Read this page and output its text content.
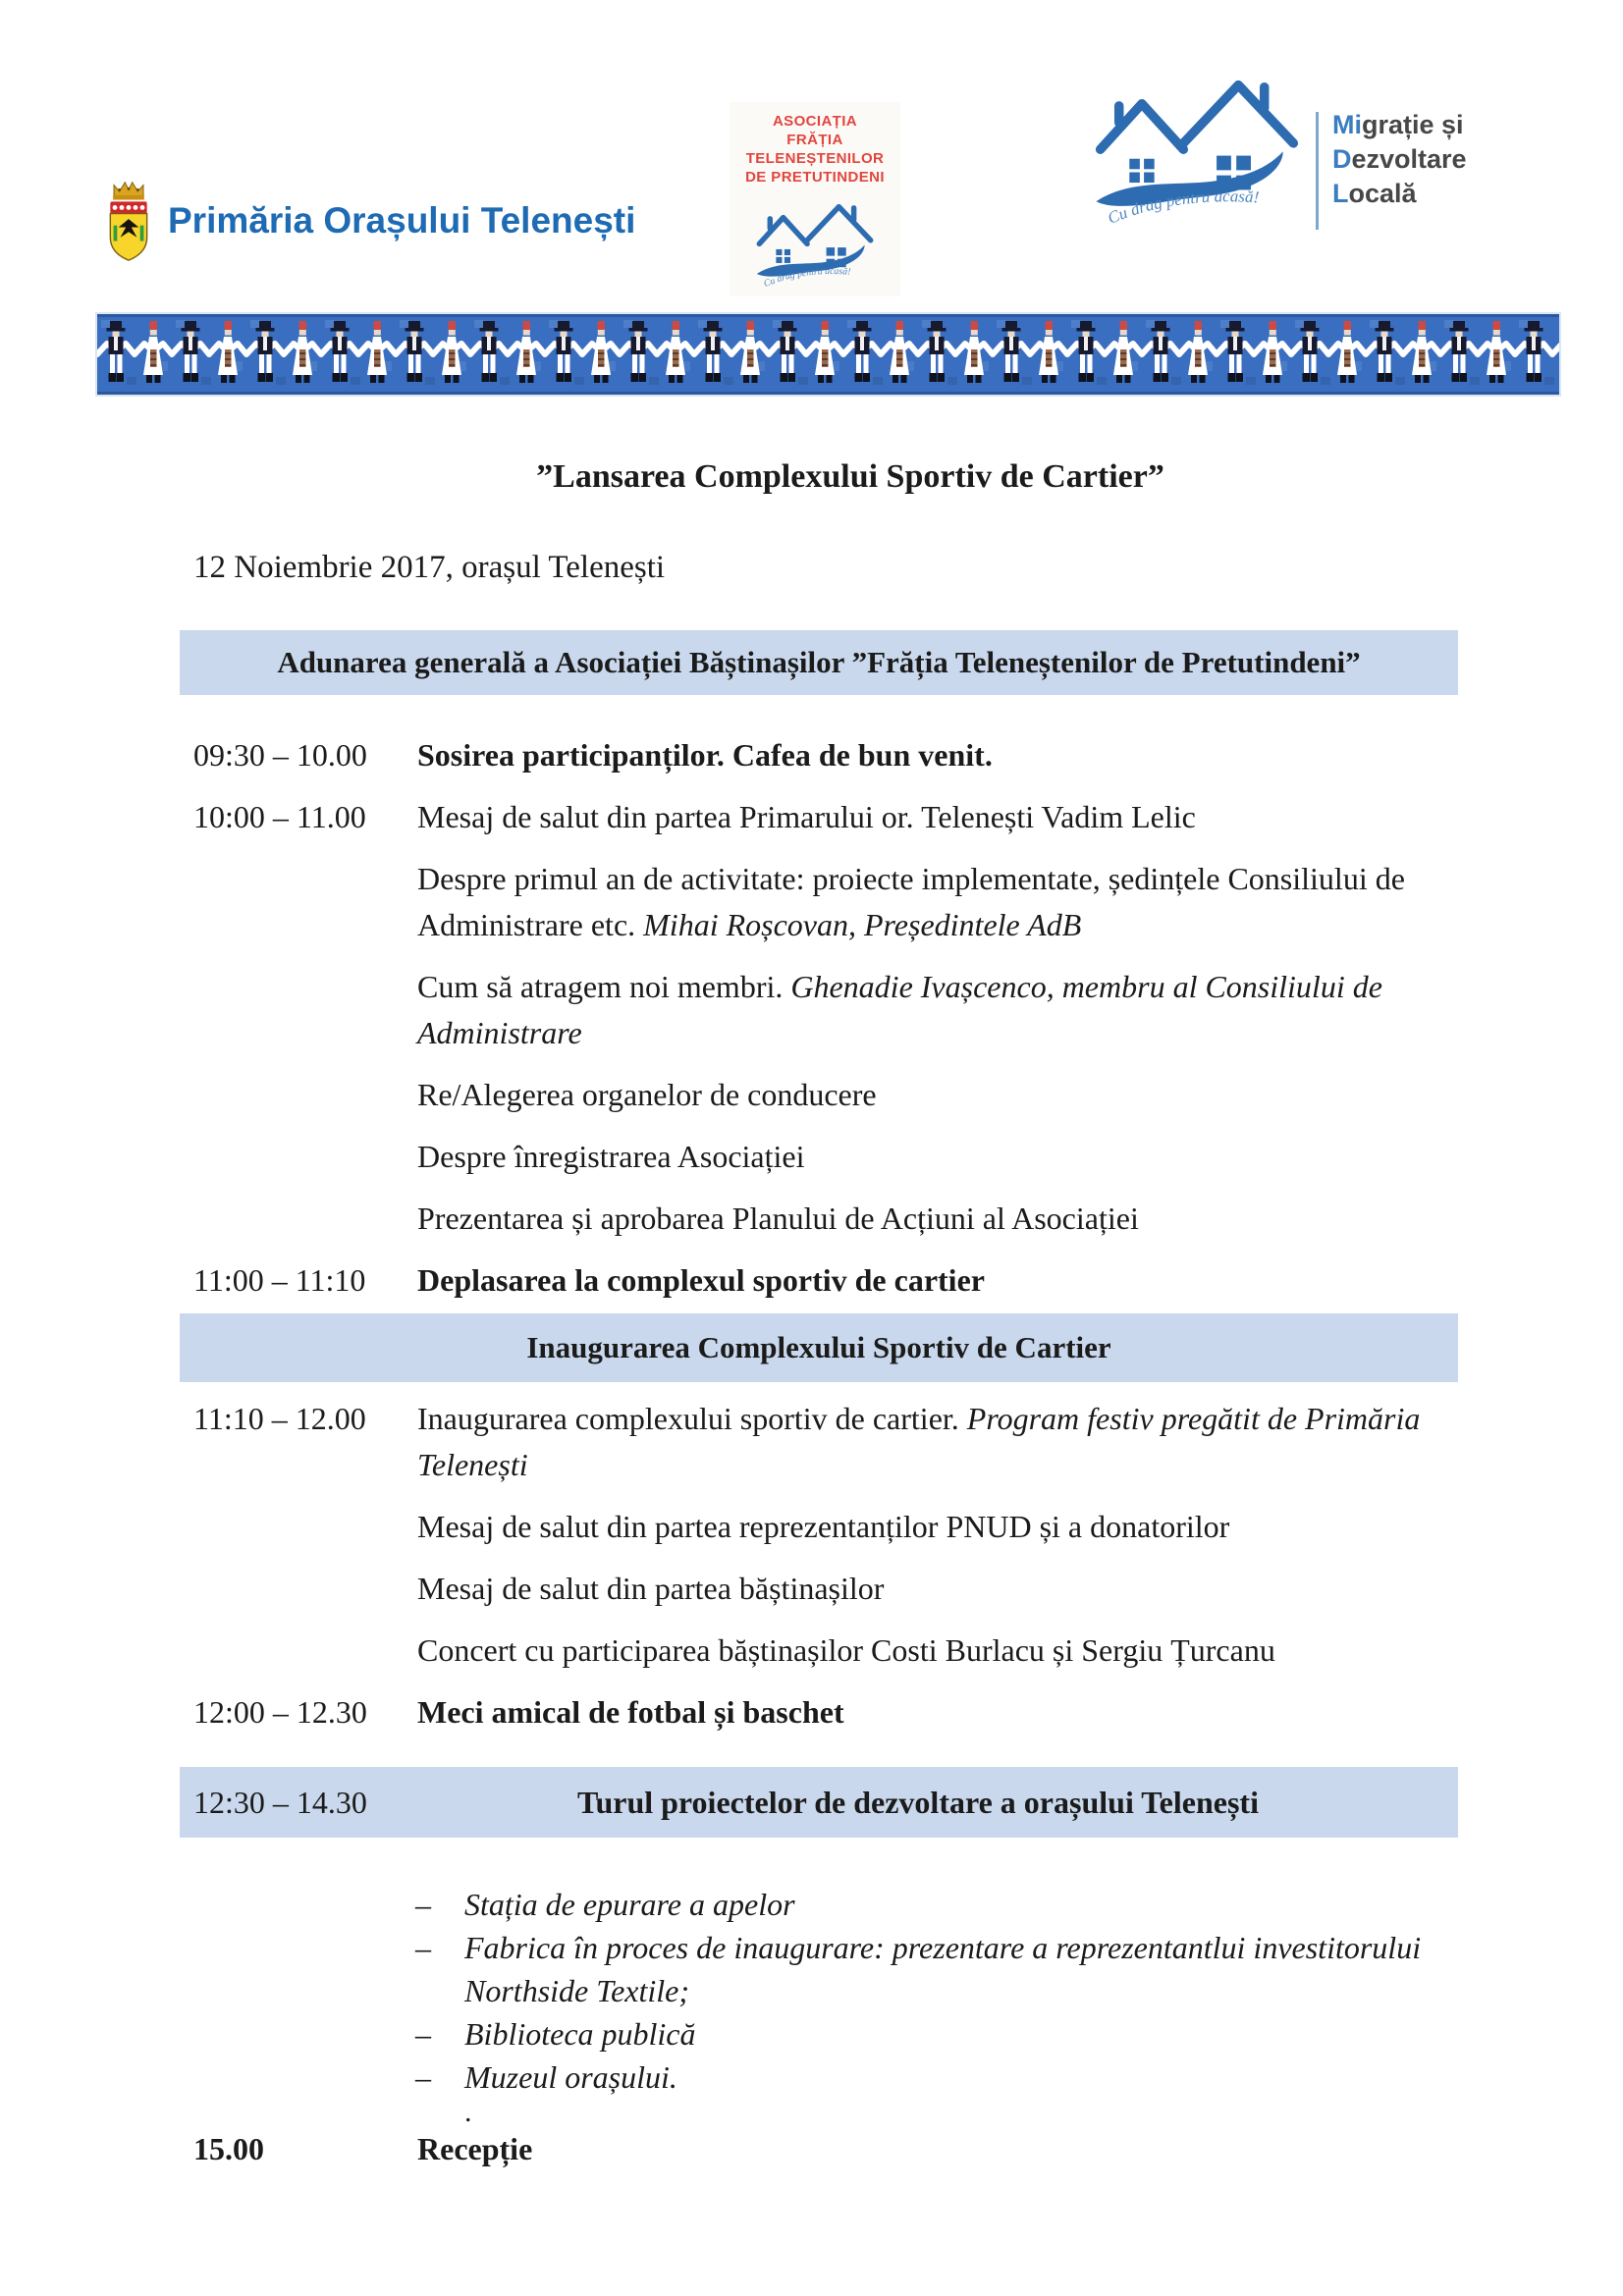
Primăria Orașului Telenești
ASOCIAȚIA
FRĂȚIA
TELENEȘTENILOR
DE PRETUTINDENI
Cu drag pentru acasă!
Cu drag pentru acasă!
Migrație și
Dezvoltare
Locală
”Lansarea Complexului Sportiv de Cartier”

12 Noiembrie 2017, orașul Telenești

Adunarea generală a Asociației Băștinașilor ”Frăția Teleneștenilor de Pretutindeni”
09:30 – 10.00	Sosirea participanților. Cafea de bun venit.
10:00 – 11.00	Mesaj de salut din partea Primarului or. Telenești Vadim Lelic
Despre primul an de activitate: proiecte implementate, ședințele Consiliului de Administrare etc. Mihai Roșcovan, Președintele AdB
Cum să atragem noi membri. Ghenadie Ivașcenco, membru al Consiliului de Administrare
Re/Alegerea organelor de conducere
Despre înregistrarea Asociației
Prezentarea și aprobarea Planului de Acțiuni al Asociației
11:00 – 11:10	Deplasarea la complexul sportiv de cartier
Inaugurarea Complexului Sportiv de Cartier
11:10 – 12.00	Inaugurarea complexului sportiv de cartier. Program festiv pregătit de Primăria Telenești
Mesaj de salut din partea reprezentanților PNUD și a donatorilor
Mesaj de salut din partea băștinașilor
Concert cu participarea băștinașilor Costi Burlacu și Sergiu Țurcanu
12:00 – 12.30	Meci amical de fotbal și baschet
12:30 – 14.30	Turul proiectelor de dezvoltare a orașului Telenești
–	Stația de epurare a apelor
–	Fabrica în proces de inaugurare: prezentare a reprezentantlui investitorului Northside Textile;
–	Biblioteca publică
–	Muzeul orașului.
.
15.00	Recepție
